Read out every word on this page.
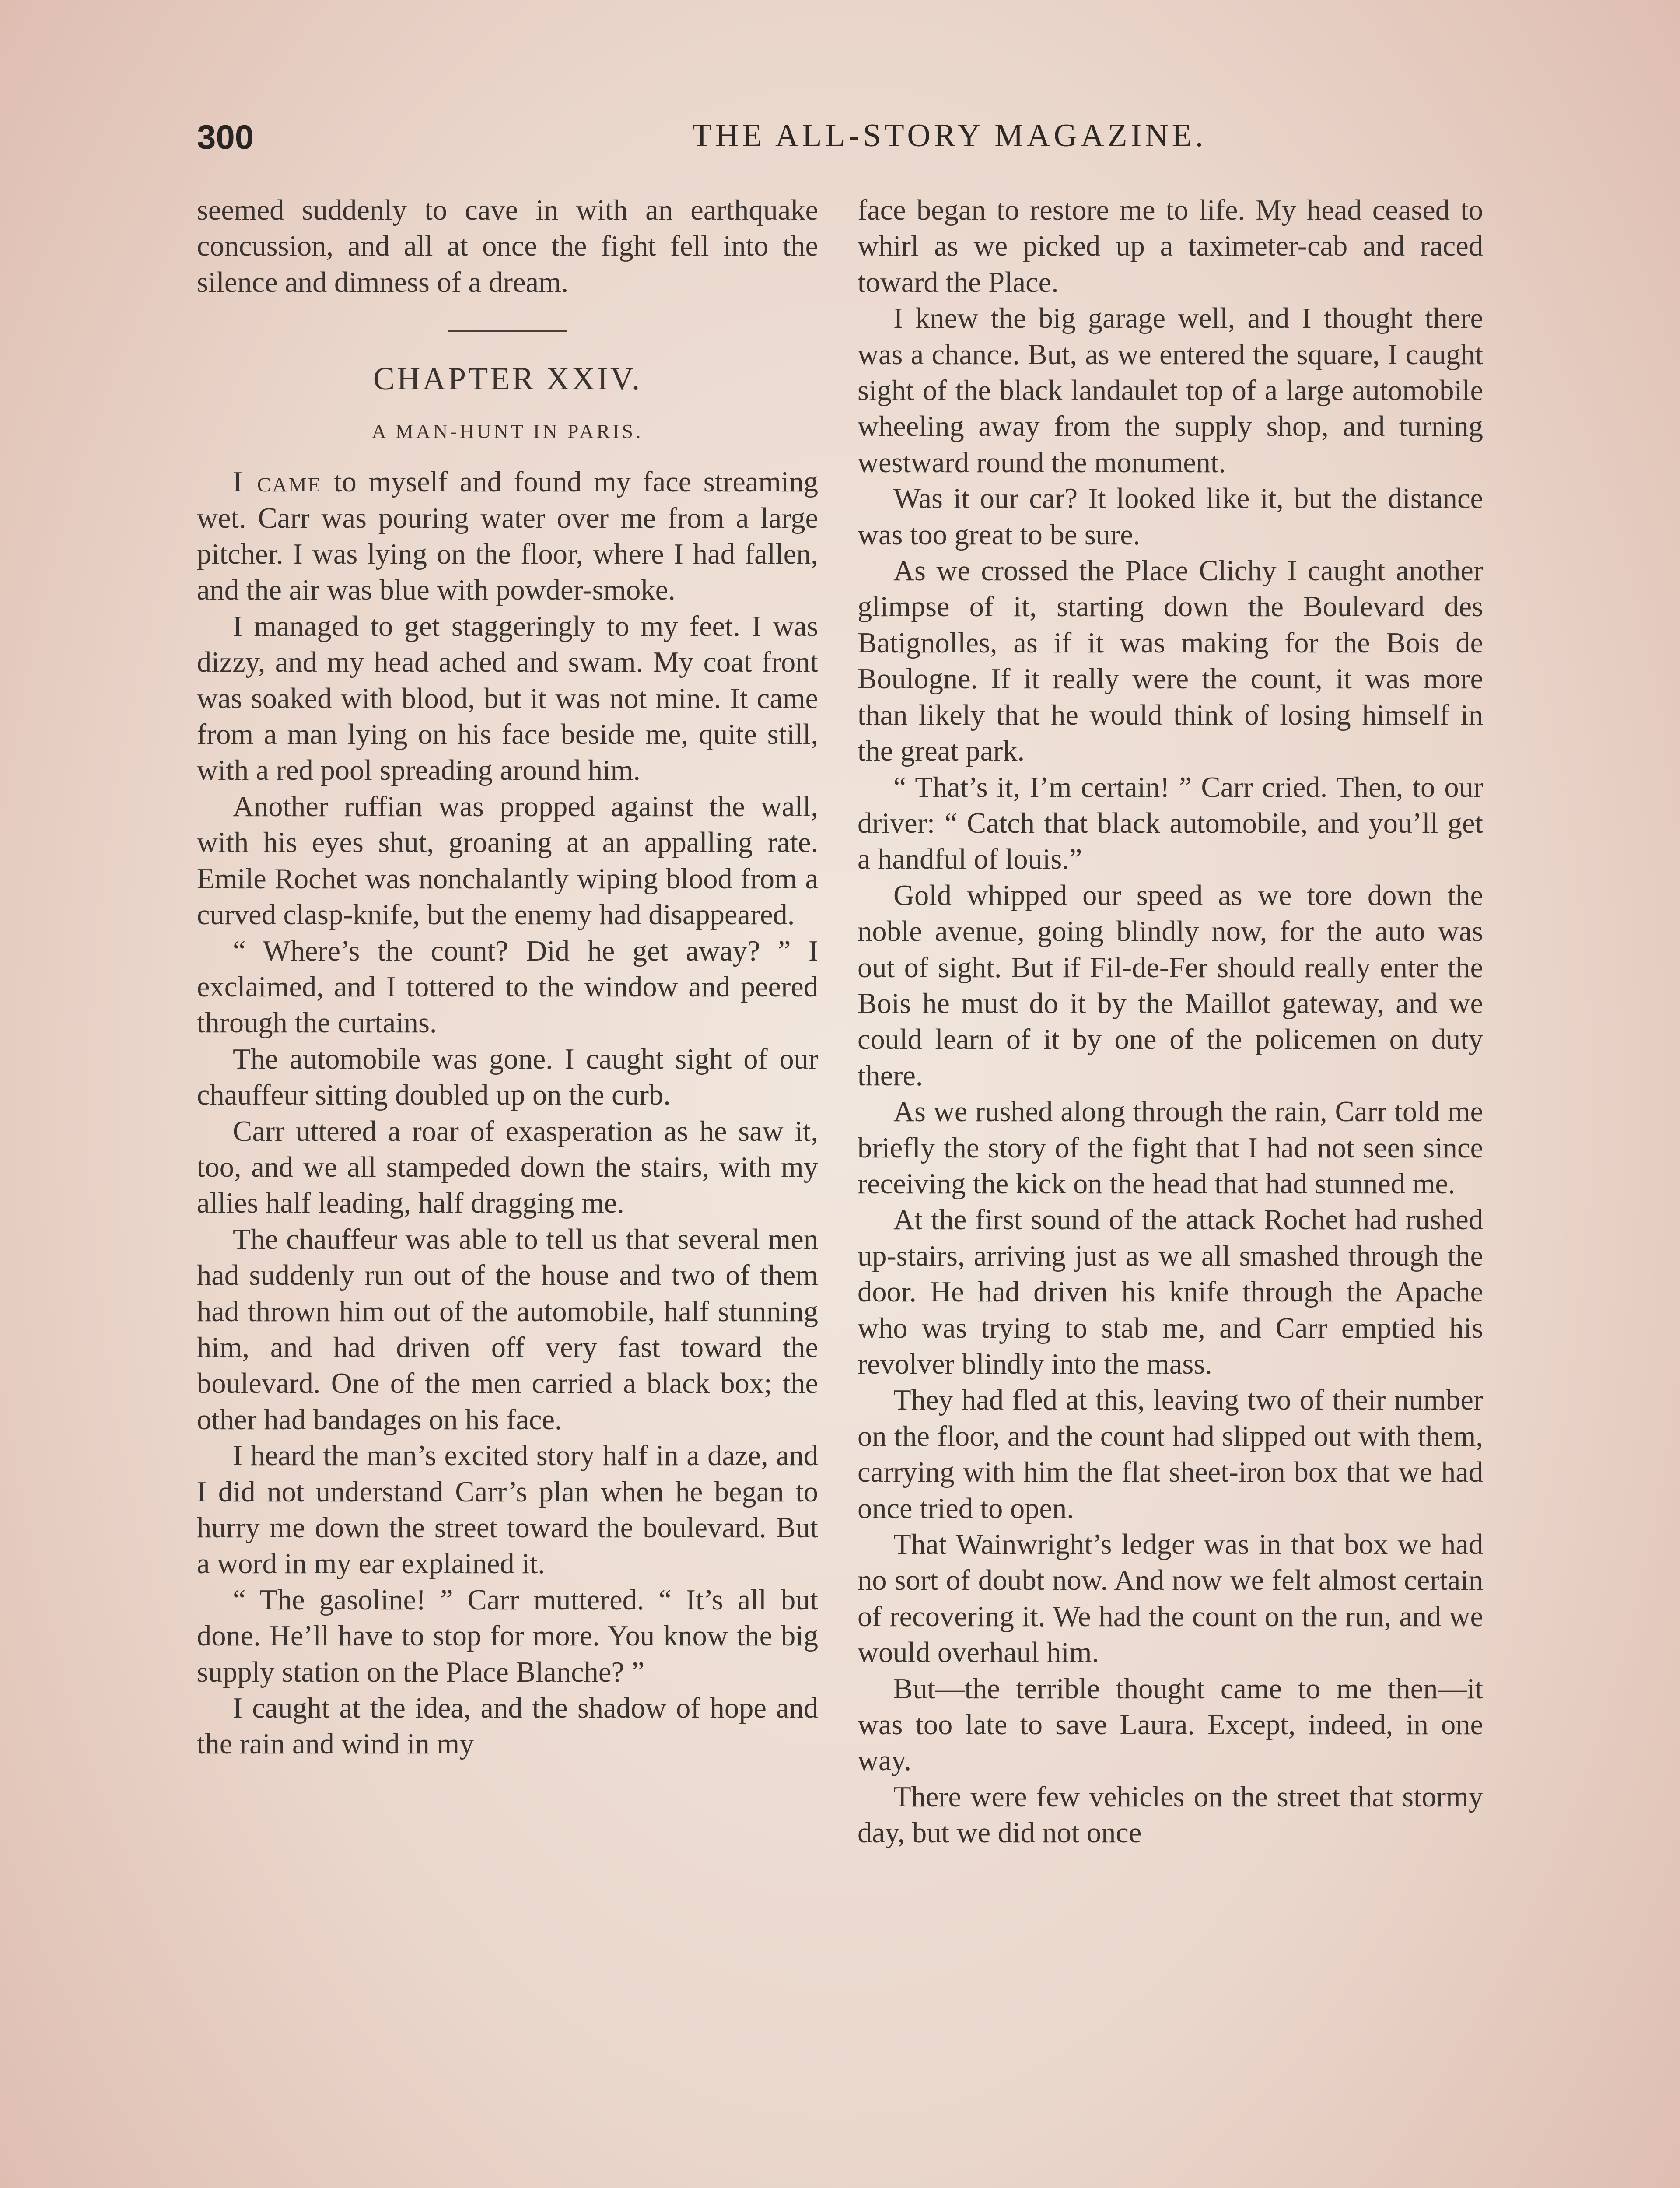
300	THE ALL-STORY MAGAZINE.

seemed suddenly to cave in with an earthquake concussion, and all at once the fight fell into the silence and dimness of a dream.

CHAPTER XXIV.
A MAN-HUNT IN PARIS.

I came to myself and found my face streaming wet. Carr was pouring water over me from a large pitcher. I was lying on the floor, where I had fallen, and the air was blue with powder-smoke.

I managed to get staggeringly to my feet. I was dizzy, and my head ached and swam. My coat front was soaked with blood, but it was not mine. It came from a man lying on his face beside me, quite still, with a red pool spreading around him.

Another ruffian was propped against the wall, with his eyes shut, groaning at an appalling rate. Emile Rochet was nonchalantly wiping blood from a curved clasp-knife, but the enemy had disappeared.

“ Where’s the count? Did he get away? ” I exclaimed, and I tottered to the window and peered through the curtains.

The automobile was gone. I caught sight of our chauffeur sitting doubled up on the curb.

Carr uttered a roar of exasperation as he saw it, too, and we all stampeded down the stairs, with my allies half leading, half dragging me.

The chauffeur was able to tell us that several men had suddenly run out of the house and two of them had thrown him out of the automobile, half stunning him, and had driven off very fast toward the boulevard. One of the men carried a black box; the other had bandages on his face.

I heard the man’s excited story half in a daze, and I did not understand Carr’s plan when he began to hurry me down the street toward the boulevard. But a word in my ear explained it.

“ The gasoline! ” Carr muttered. “ It’s all but done. He’ll have to stop for more. You know the big supply station on the Place Blanche? ”

I caught at the idea, and the shadow of hope and the rain and wind in my

face began to restore me to life. My head ceased to whirl as we picked up a taximeter-cab and raced toward the Place.

I knew the big garage well, and I thought there was a chance. But, as we entered the square, I caught sight of the black landaulet top of a large automobile wheeling away from the supply shop, and turning westward round the monument.

Was it our car? It looked like it, but the distance was too great to be sure.

As we crossed the Place Clichy I caught another glimpse of it, starting down the Boulevard des Batignolles, as if it was making for the Bois de Boulogne. If it really were the count, it was more than likely that he would think of losing himself in the great park.

“ That’s it, I’m certain! ” Carr cried. Then, to our driver: “ Catch that black automobile, and you’ll get a handful of louis.”

Gold whipped our speed as we tore down the noble avenue, going blindly now, for the auto was out of sight. But if Fil-de-Fer should really enter the Bois he must do it by the Maillot gateway, and we could learn of it by one of the policemen on duty there.

As we rushed along through the rain, Carr told me briefly the story of the fight that I had not seen since receiving the kick on the head that had stunned me.

At the first sound of the attack Rochet had rushed up-stairs, arriving just as we all smashed through the door. He had driven his knife through the Apache who was trying to stab me, and Carr emptied his revolver blindly into the mass.

They had fled at this, leaving two of their number on the floor, and the count had slipped out with them, carrying with him the flat sheet-iron box that we had once tried to open.

That Wainwright’s ledger was in that box we had no sort of doubt now. And now we felt almost certain of recovering it. We had the count on the run, and we would overhaul him.

But—the terrible thought came to me then—it was too late to save Laura. Except, indeed, in one way.

There were few vehicles on the street that stormy day, but we did not once
